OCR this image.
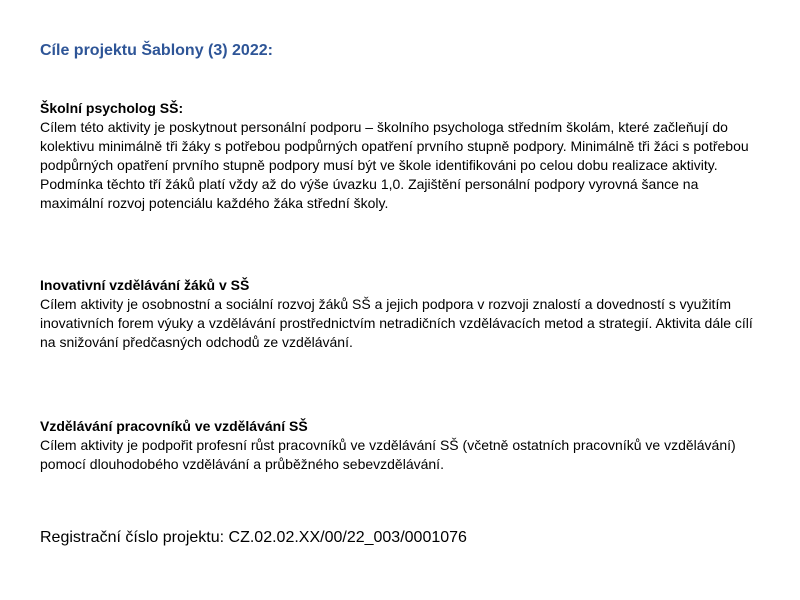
Cíle projektu Šablony (3) 2022:
Školní psycholog SŠ:

Cílem této aktivity je poskytnout personální podporu – školního psychologa středním školám, které začleňují do kolektivu minimálně tři žáky s potřebou podpůrných opatření prvního stupně podpory. Minimálně tři žáci s potřebou podpůrných opatření prvního stupně podpory musí být ve škole identifikováni po celou dobu realizace aktivity. Podmínka těchto tří žáků platí vždy až do výše úvazku 1,0. Zajištění personální podpory vyrovná šance na maximální rozvoj potenciálu každého žáka střední školy.

Inovativní vzdělávání žáků v SŠ

Cílem aktivity je osobnostní a sociální rozvoj žáků SŠ a jejich podpora v rozvoji znalostí a dovedností s využitím inovativních forem výuky a vzdělávání prostřednictvím netradičních vzdělávacích metod a strategií. Aktivita dále cílí na snižování předčasných odchodů ze vzdělávání.

Vzdělávání pracovníků ve vzdělávání SŠ

Cílem aktivity je podpořit profesní růst pracovníků ve vzdělávání SŠ (včetně ostatních pracovníků ve vzdělávání) pomocí dlouhodobého vzdělávání a průběžného sebevzdělávání.

Registrační číslo projektu: CZ.02.02.XX/00/22_003/0001076
